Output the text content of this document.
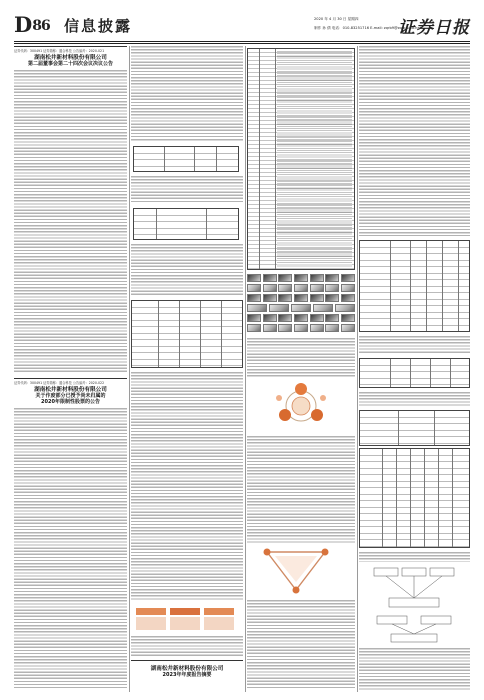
D86 信息披露	2020 年 4 月 30 日 星期四
制作 孙 倩 电话：010-83251716 E-mail: zqrb9@zqrb.sina.net
证券日报
证券代码：300491 证券简称：通合科技 公告编号：2020-021
湖南松井新材料股份有限公司
第二届董事会第二十四次会议决议公告
证券代码：300491 证券简称：通合科技 公告编号：2020-022
湖南松井新材料股份有限公司
关于作废部分已授予尚未归属的
2020年限制性股票的公告
湖南松井新材料股份有限公司
2023年年度报告摘要
